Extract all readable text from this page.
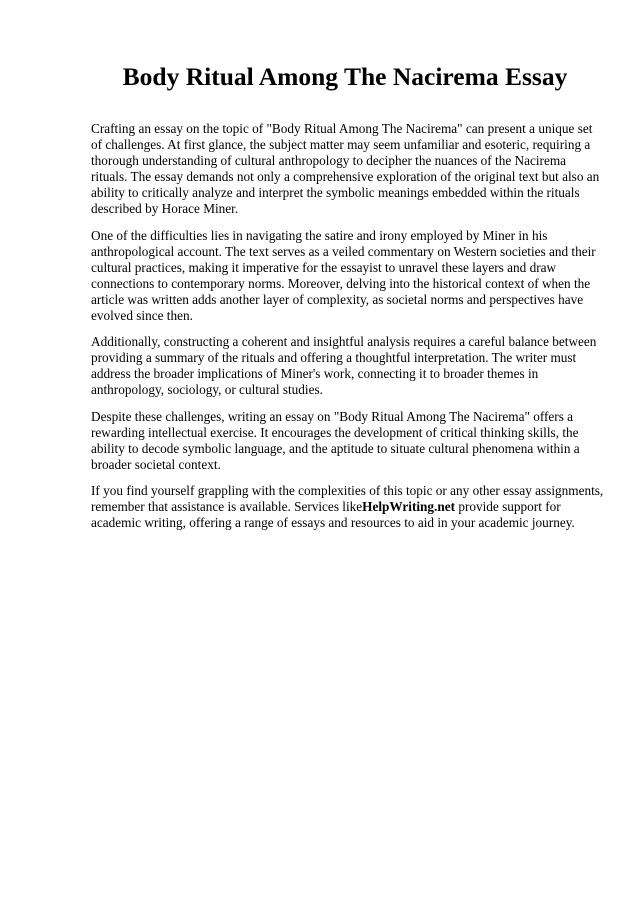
Body Ritual Among The Nacirema Essay

Crafting an essay on the topic of "Body Ritual Among The Nacirema" can present a unique set
of challenges. At first glance, the subject matter may seem unfamiliar and esoteric, requiring a
thorough understanding of cultural anthropology to decipher the nuances of the Nacirema
rituals. The essay demands not only a comprehensive exploration of the original text but also an
ability to critically analyze and interpret the symbolic meanings embedded within the rituals
described by Horace Miner.

One of the difficulties lies in navigating the satire and irony employed by Miner in his
anthropological account. The text serves as a veiled commentary on Western societies and their
cultural practices, making it imperative for the essayist to unravel these layers and draw
connections to contemporary norms. Moreover, delving into the historical context of when the
article was written adds another layer of complexity, as societal norms and perspectives have
evolved since then.

Additionally, constructing a coherent and insightful analysis requires a careful balance between
providing a summary of the rituals and offering a thoughtful interpretation. The writer must
address the broader implications of Miner's work, connecting it to broader themes in
anthropology, sociology, or cultural studies.

Despite these challenges, writing an essay on "Body Ritual Among The Nacirema" offers a
rewarding intellectual exercise. It encourages the development of critical thinking skills, the
ability to decode symbolic language, and the aptitude to situate cultural phenomena within a
broader societal context.

If you find yourself grappling with the complexities of this topic or any other essay assignments,
remember that assistance is available. Services likeHelpWriting.net provide support for
academic writing, offering a range of essays and resources to aid in your academic journey.
